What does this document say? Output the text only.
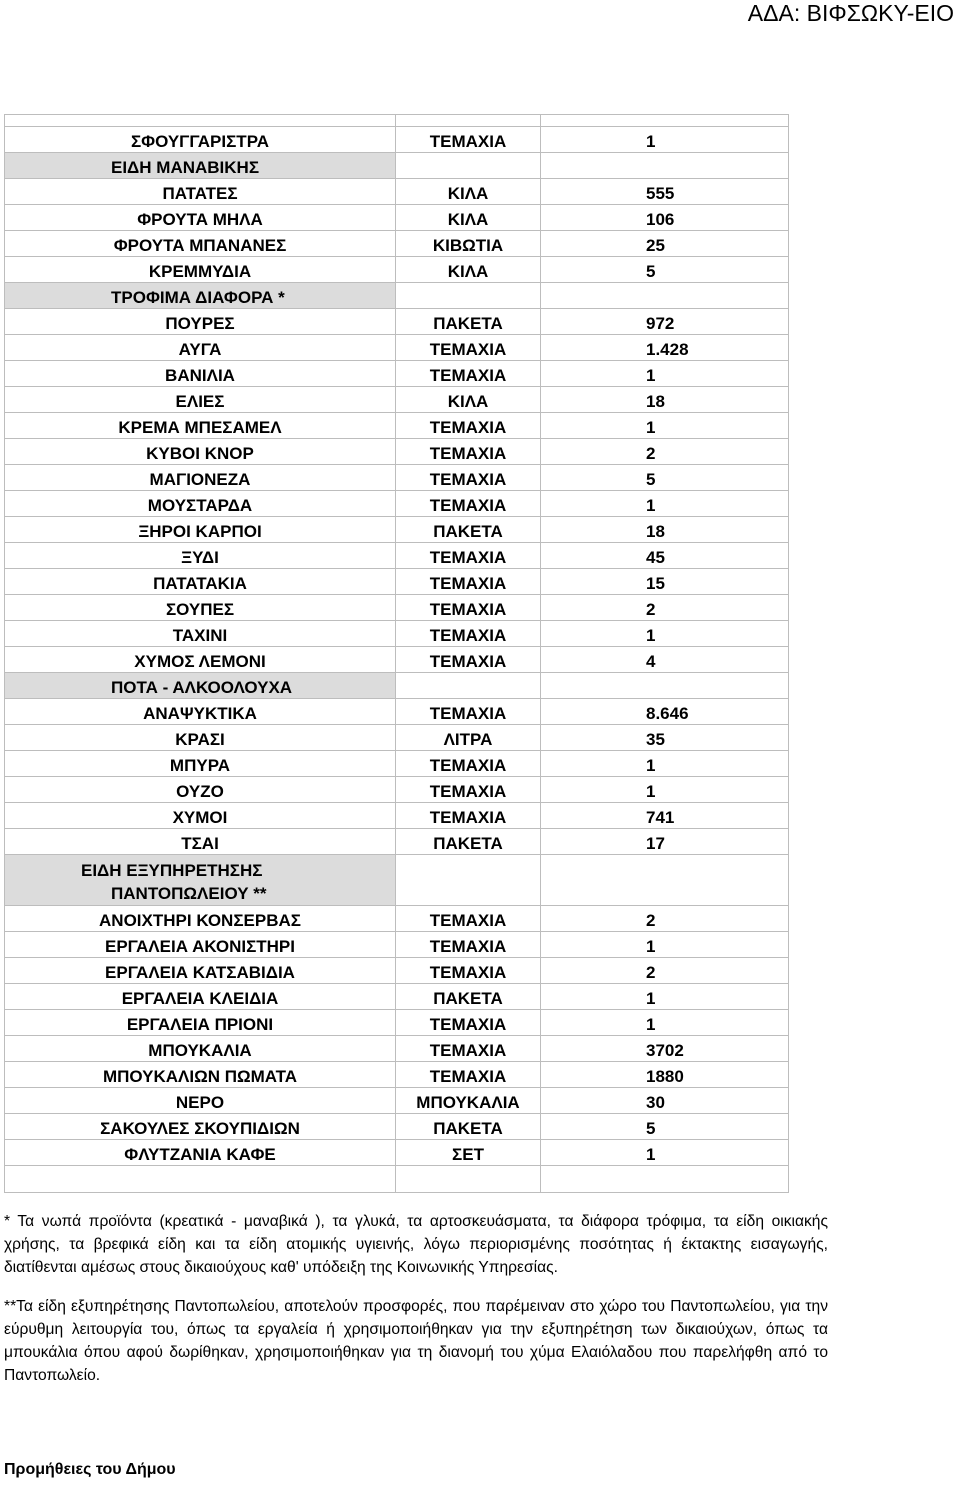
ΑΔΑ: ΒΙΦΣΩΚΥ-ΕΙΟ

ΣΦΟΥΓΓΑΡΙΣΤΡΑ	ΤΕΜΑΧΙΑ	1
ΕΙΔΗ ΜΑΝΑΒΙΚΗΣ		
ΠΑΤΑΤΕΣ	ΚΙΛΑ	555
ΦΡΟΥΤΑ ΜΗΛΑ	ΚΙΛΑ	106
ΦΡΟΥΤΑ ΜΠΑΝΑΝΕΣ	ΚΙΒΩΤΙΑ	25
ΚΡΕΜΜΥΔΙΑ	ΚΙΛΑ	5
ΤΡΟΦΙΜΑ ΔΙΑΦΟΡΑ *		
ΠΟΥΡΕΣ	ΠΑΚΕΤΑ	972
ΑΥΓΑ	ΤΕΜΑΧΙΑ	1.428
ΒΑΝΙΛΙΑ	ΤΕΜΑΧΙΑ	1
ΕΛΙΕΣ	ΚΙΛΑ	18
ΚΡΕΜΑ ΜΠΕΣΑΜΕΛ	ΤΕΜΑΧΙΑ	1
ΚΥΒΟΙ ΚΝΟΡ	ΤΕΜΑΧΙΑ	2
ΜΑΓΙΟΝΕΖΑ	ΤΕΜΑΧΙΑ	5
ΜΟΥΣΤΑΡΔΑ	ΤΕΜΑΧΙΑ	1
ΞΗΡΟΙ ΚΑΡΠΟΙ	ΠΑΚΕΤΑ	18
ΞΥΔΙ	ΤΕΜΑΧΙΑ	45
ΠΑΤΑΤΑΚΙΑ	ΤΕΜΑΧΙΑ	15
ΣΟΥΠΕΣ	ΤΕΜΑΧΙΑ	2
ΤΑΧΙΝΙ	ΤΕΜΑΧΙΑ	1
ΧΥΜΟΣ ΛΕΜΟΝΙ	ΤΕΜΑΧΙΑ	4
ΠΟΤΑ - ΑΛΚΟΟΛΟΥΧΑ		
ΑΝΑΨΥΚΤΙΚΑ	ΤΕΜΑΧΙΑ	8.646
ΚΡΑΣΙ	ΛΙΤΡΑ	35
ΜΠΥΡΑ	ΤΕΜΑΧΙΑ	1
ΟΥΖΟ	ΤΕΜΑΧΙΑ	1
ΧΥΜΟΙ	ΤΕΜΑΧΙΑ	741
ΤΣΑΙ	ΠΑΚΕΤΑ	17

ΕΙΔΗ ΕΞΥΠΗΡΕΤΗΣΗΣ
ΠΑΝΤΟΠΩΛΕΙΟΥ **		

ΑΝΟΙΧΤΗΡΙ ΚΟΝΣΕΡΒΑΣ	ΤΕΜΑΧΙΑ	2
ΕΡΓΑΛΕΙΑ ΑΚΟΝΙΣΤΗΡΙ	ΤΕΜΑΧΙΑ	1
ΕΡΓΑΛΕΙΑ ΚΑΤΣΑΒΙΔΙΑ	ΤΕΜΑΧΙΑ	2
ΕΡΓΑΛΕΙΑ ΚΛΕΙΔΙΑ	ΠΑΚΕΤΑ	1
ΕΡΓΑΛΕΙΑ ΠΡΙΟΝΙ	ΤΕΜΑΧΙΑ	1
ΜΠΟΥΚΑΛΙΑ	ΤΕΜΑΧΙΑ	3702
ΜΠΟΥΚΑΛΙΩΝ ΠΩΜΑΤΑ	ΤΕΜΑΧΙΑ	1880
ΝΕΡΟ	ΜΠΟΥΚΑΛΙΑ	30
ΣΑΚΟΥΛΕΣ ΣΚΟΥΠΙΔΙΩΝ	ΠΑΚΕΤΑ	5
ΦΛΥΤΖΑΝΙΑ ΚΑΦΕ	ΣΕΤ	1

* Τα νωπά προϊόντα (κρεατικά - μαναβικά ), τα γλυκά, τα αρτοσκευάσματα, τα διάφορα τρόφιμα, τα είδη οικιακής χρήσης, τα βρεφικά είδη και τα είδη ατομικής υγιεινής, λόγω περιορισμένης ποσότητας ή έκτακτης εισαγωγής, διατίθενται αμέσως στους δικαιούχους καθ' υπόδειξη της Κοινωνικής Υπηρεσίας.

**Τα είδη εξυπηρέτησης Παντοπωλείου, αποτελούν προσφορές, που παρέμειναν στο χώρο του Παντοπωλείου, για την εύρυθμη λειτουργία του, όπως τα εργαλεία ή χρησιμοποιήθηκαν για την εξυπηρέτηση των δικαιούχων, όπως τα μπουκάλια όπου αφού δωρίθηκαν, χρησιμοποιήθηκαν για τη διανομή του χύμα Ελαιόλαδου που παρελήφθη από το Παντοπωλείο.

Προμήθειες του Δήμου
